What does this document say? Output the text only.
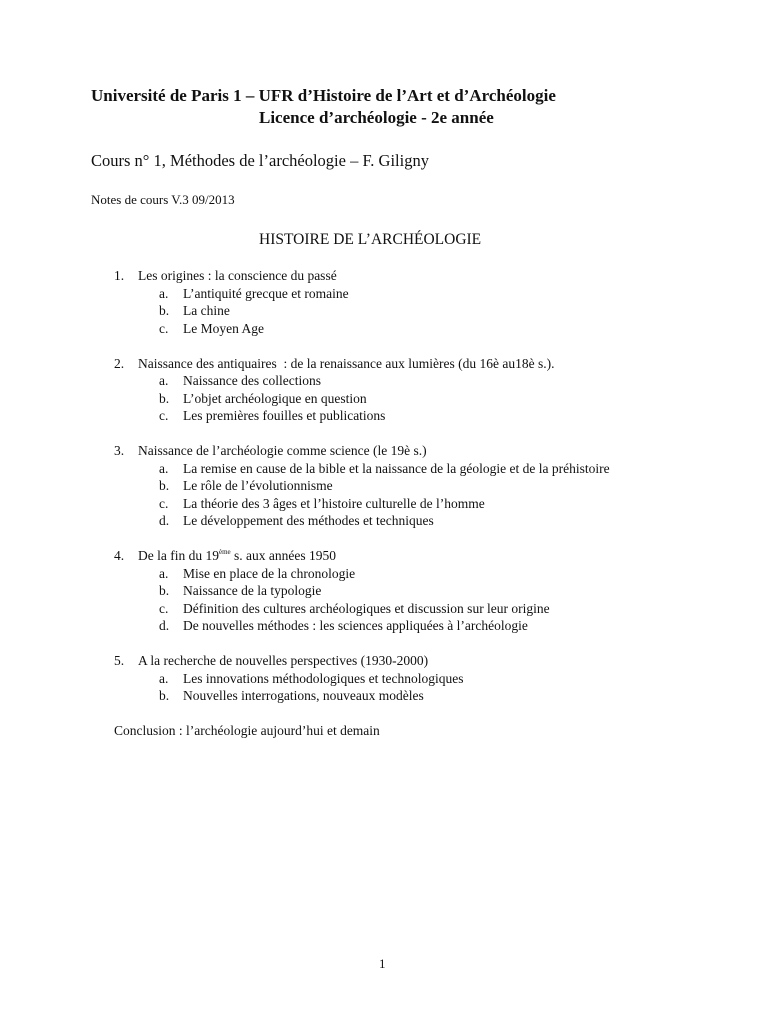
Université de Paris 1 – UFR d’Histoire de l’Art et d’Archéologie
Licence d’archéologie - 2e année
Cours n° 1, Méthodes de l’archéologie – F. Giligny
Notes de cours V.3 09/2013
HISTOIRE DE L’ARCHÉOLOGIE
1.	Les origines : la conscience du passé
a.	L’antiquité grecque et romaine
b.	La chine
c.	Le Moyen Age
2.	Naissance des antiquaires  : de la renaissance aux lumières (du 16è au18è s.).
a.	Naissance des collections
b.	L’objet archéologique en question
c.	Les premières fouilles et publications
3.	Naissance de l’archéologie comme science (le 19è s.)
a.	La remise en cause de la bible et la naissance de la géologie et de la préhistoire
b.	Le rôle de l’évolutionnisme
c.	La théorie des 3 âges et l’histoire culturelle de l’homme
d.	Le développement des méthodes et techniques
4.	De la fin du 19ème s. aux années 1950
a.	Mise en place de la chronologie
b.	Naissance de la typologie
c.	Définition des cultures archéologiques et discussion sur leur origine
d.	De nouvelles méthodes : les sciences appliquées à l’archéologie
5.	A la recherche de nouvelles perspectives (1930-2000)
a.	Les innovations méthodologiques et technologiques
b.	Nouvelles interrogations, nouveaux modèles
Conclusion : l’archéologie aujourd’hui et demain
1
